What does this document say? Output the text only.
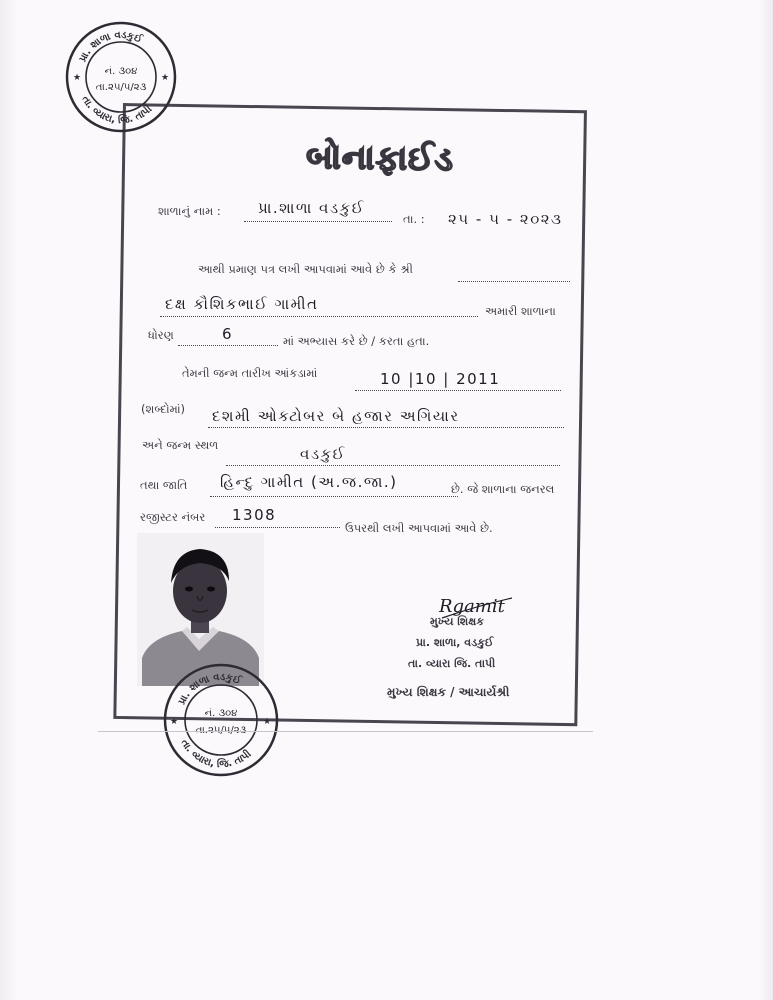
બોનાફાઈડ
શાળાનું નામ : પ્રા.શાળા વડકુઈ
તા. : ૨૫ - ૫ - ૨૦૨૩
આથી પ્રમાણ પત્ર લખી આપવામાં આવે છે કે શ્રી
દક્ષ કૌશિકભાઈ ગામીત	અમારી શાળાના
ધોરણ	6	માં અભ્યાસ કરે છે / કરતા હતા.
તેમની જન્મ તારીખ આંકડામાં	10 |10 | 2011
(શબ્દોમાં) દશમી ઓક્ટોબર બે હજાર અગિયાર
અને જન્મ સ્થળ	વડકુઈ
તથા જાતિ હિન્દુ ગામીત (અ.જ.જા.)	છે. જે શાળાના જનરલ
રજીસ્ટર નંબર 1308
ઉપરથી લખી આપવામાં આવે છે.
Rgamit
મુખ્ય શિક્ષક
પ્રા. શાળા, વડકુઈ
તા. વ્યારા જિ. તાપી
મુખ્ય શિક્ષક / આચાર્યશ્રી
પ્રા. શાળા વડકુઈ
તા. વ્યારા, જિ. તાપી
નં. ૩૦૪
તા.૨૫/૫/૨૩
★	★
પ્રા. શાળા વડકુઈ
તા. વ્યારા, જિ. તાપી
નં. ૩૦૪
તા.૨૫/૫/૨૩
★	★
